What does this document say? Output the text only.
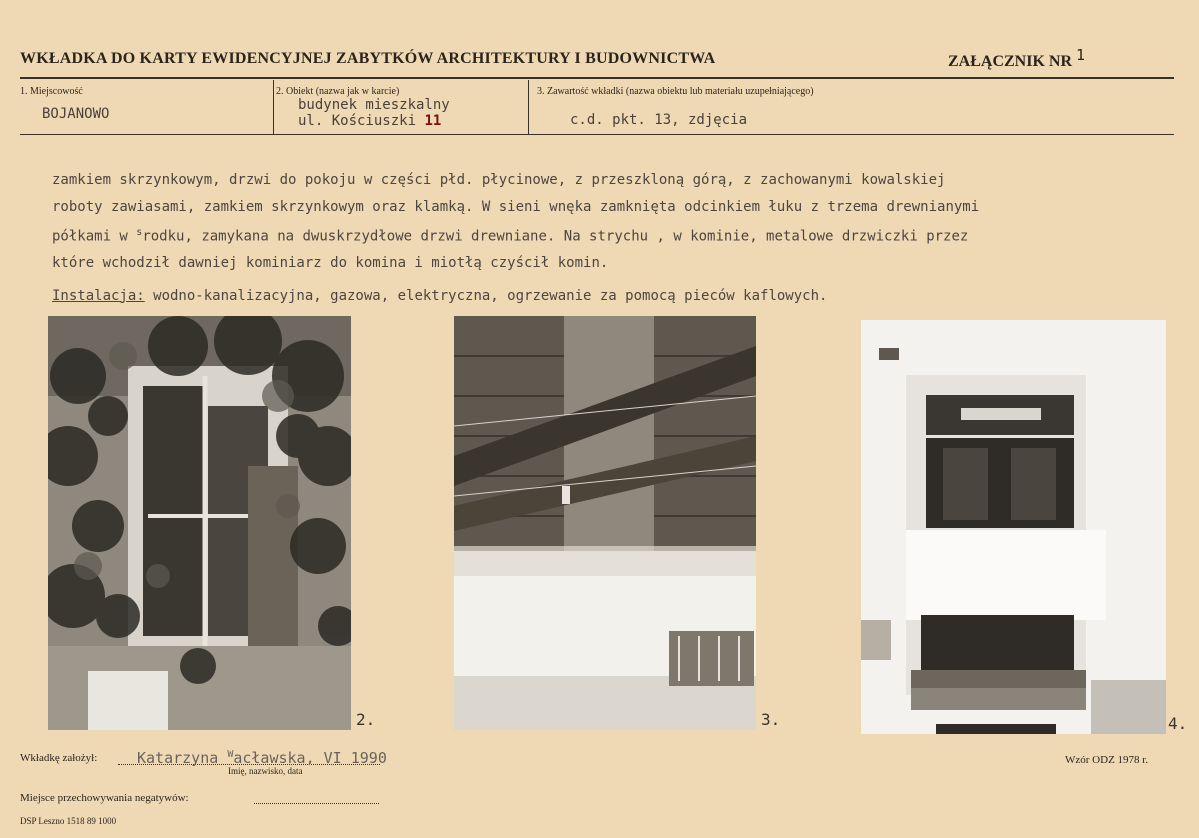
WKŁADKA DO KARTY EWIDENCYJNEJ ZABYTKÓW ARCHITEKTURY I BUDOWNICTWA	ZAŁĄCZNIK NR 1
1. Miejscowość
BOJANOWO
2. Obiekt (nazwa jak w karcie)
budynek mieszkalny
ul. Kościuszki 11
3. Zawartość wkładki (nazwa obiektu lub materiału uzupełniającego)
c.d. pkt. 13, zdjęcia

zamkiem skrzynkowym, drzwi do pokoju w części płd. płycinowe, z przeszkloną górą, z zachowanymi kowalskiej

roboty zawiasami, zamkiem skrzynkowym oraz klamką. W sieni wnęka zamknięta odcinkiem łuku z trzema drewnianymi

półkami w $^s$rodku, zamykana na dwuskrzydłowe drzwi drewniane. Na strychu , w kominie, metalowe drzwiczki przez

które wchodził dawniej kominiarz do komina i miotłą czyścił komin.

Instalacja: wodno-kanalizacyjna, gazowa, elektryczna, ogrzewanie za pomocą pieców kaflowych.

2.	3.	4.
Wkładkę założył:	Katarzyna $^W$acławska, VI 1990
Imię, nazwisko, data
Wzór ODZ 1978 r.
Miejsce przechowywania negatywów:
DSP Leszno 1518 89 1000
